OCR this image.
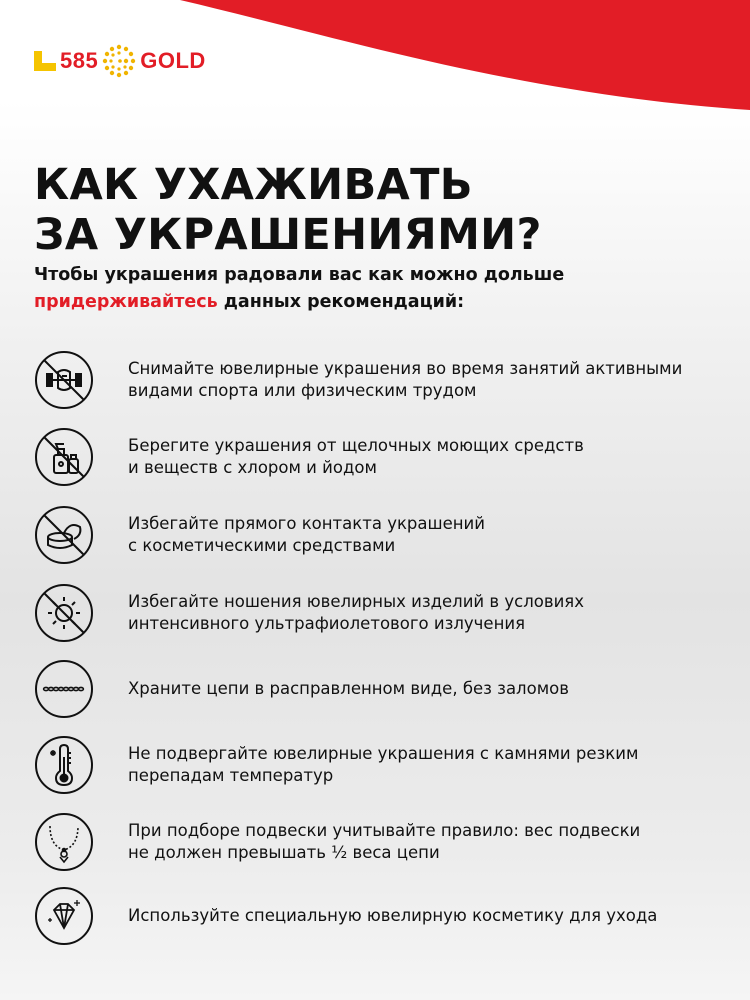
585 GOLD
КАК УХАЖИВАТЬ
ЗА УКРАШЕНИЯМИ?

Чтобы украшения радовали вас как можно дольше
придерживайтесь данных рекомендаций:

Снимайте ювелирные украшения во время занятий активными
видами спорта или физическим трудом
Берегите украшения от щелочных моющих средств
и веществ с хлором и йодом
Избегайте прямого контакта украшений
с косметическими средствами
Избегайте ношения ювелирных изделий в условиях
интенсивного ультрафиолетового излучения
Храните цепи в расправленном виде, без заломов
Не подвергайте ювелирные украшения с камнями резким
перепадам температур
При подборе подвески учитывайте правило: вес подвески
не должен превышать ½ веса цепи
Используйте специальную ювелирную косметику для ухода
